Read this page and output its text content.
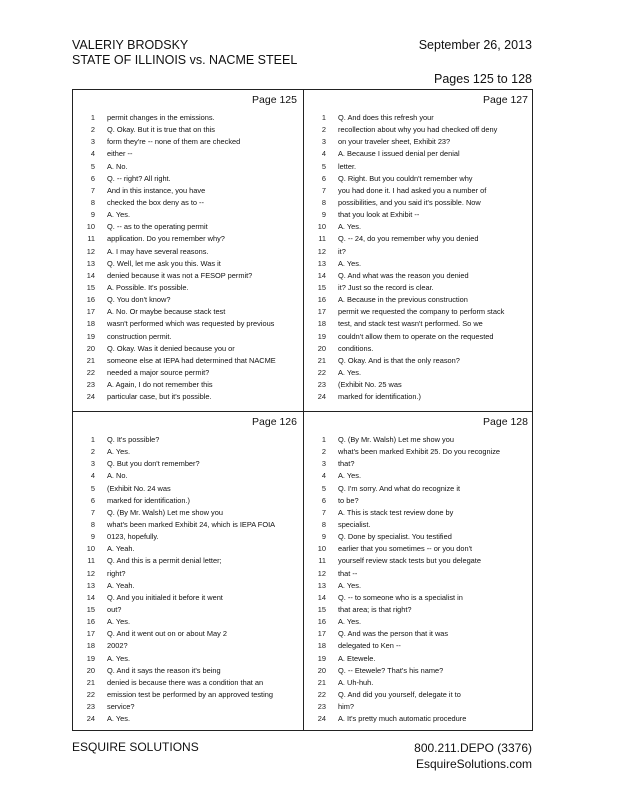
VALERIY BRODSKY
STATE OF ILLINOIS vs. NACME STEEL
September 26, 2013
Pages 125 to 128
Page 125
1 permit changes in the emissions.
2 Q. Okay. But it is true that on this
3 form they're -- none of them are checked
4 either --
5 A. No.
6 Q. -- right? All right.
7 And in this instance, you have
8 checked the box deny as to --
9 A. Yes.
10 Q. -- as to the operating permit
11 application. Do you remember why?
12 A. I may have several reasons.
13 Q. Well, let me ask you this. Was it
14 denied because it was not a FESOP permit?
15 A. Possible. It's possible.
16 Q. You don't know?
17 A. No. Or maybe because stack test
18 wasn't performed which was requested by previous
19 construction permit.
20 Q. Okay. Was it denied because you or
21 someone else at IEPA had determined that NACME
22 needed a major source permit?
23 A. Again, I do not remember this
24 particular case, but it's possible.
Page 127
1 Q. And does this refresh your
2 recollection about why you had checked off deny
3 on your traveler sheet, Exhibit 23?
4 A. Because I issued denial per denial
5 letter.
6 Q. Right. But you couldn't remember why
7 you had done it. I had asked you a number of
8 possibilities, and you said it's possible. Now
9 that you look at Exhibit --
10 A. Yes.
11 Q. -- 24, do you remember why you denied
12 it?
13 A. Yes.
14 Q. And what was the reason you denied
15 it? Just so the record is clear.
16 A. Because in the previous construction
17 permit we requested the company to perform stack
18 test, and stack test wasn't performed. So we
19 couldn't allow them to operate on the requested
20 conditions.
21 Q. Okay. And is that the only reason?
22 A. Yes.
23 (Exhibit No. 25 was
24 marked for identification.)
Page 126
1 Q. It's possible?
2 A. Yes.
3 Q. But you don't remember?
4 A. No.
5 (Exhibit No. 24 was
6 marked for identification.)
7 Q. (By Mr. Walsh) Let me show you
8 what's been marked Exhibit 24, which is IEPA FOIA
9 0123, hopefully.
10 A. Yeah.
11 Q. And this is a permit denial letter;
12 right?
13 A. Yeah.
14 Q. And you initialed it before it went
15 out?
16 A. Yes.
17 Q. And it went out on or about May 2
18 2002?
19 A. Yes.
20 Q. And it says the reason it's being
21 denied is because there was a condition that an
22 emission test be performed by an approved testing
23 service?
24 A. Yes.
Page 128
1 Q. (By Mr. Walsh) Let me show you
2 what's been marked Exhibit 25. Do you recognize
3 that?
4 A. Yes.
5 Q. I'm sorry. And what do recognize it
6 to be?
7 A. This is stack test review done by
8 specialist.
9 Q. Done by specialist. You testified
10 earlier that you sometimes -- or you don't
11 yourself review stack tests but you delegate
12 that --
13 A. Yes.
14 Q. -- to someone who is a specialist in
15 that area; is that right?
16 A. Yes.
17 Q. And was the person that it was
18 delegated to Ken --
19 A. Etewele.
20 Q. -- Etewele? That's his name?
21 A. Uh-huh.
22 Q. And did you yourself, delegate it to
23 him?
24 A. It's pretty much automatic procedure
ESQUIRE SOLUTIONS	800.211.DEPO (3376)
EsquireSolutions.com
